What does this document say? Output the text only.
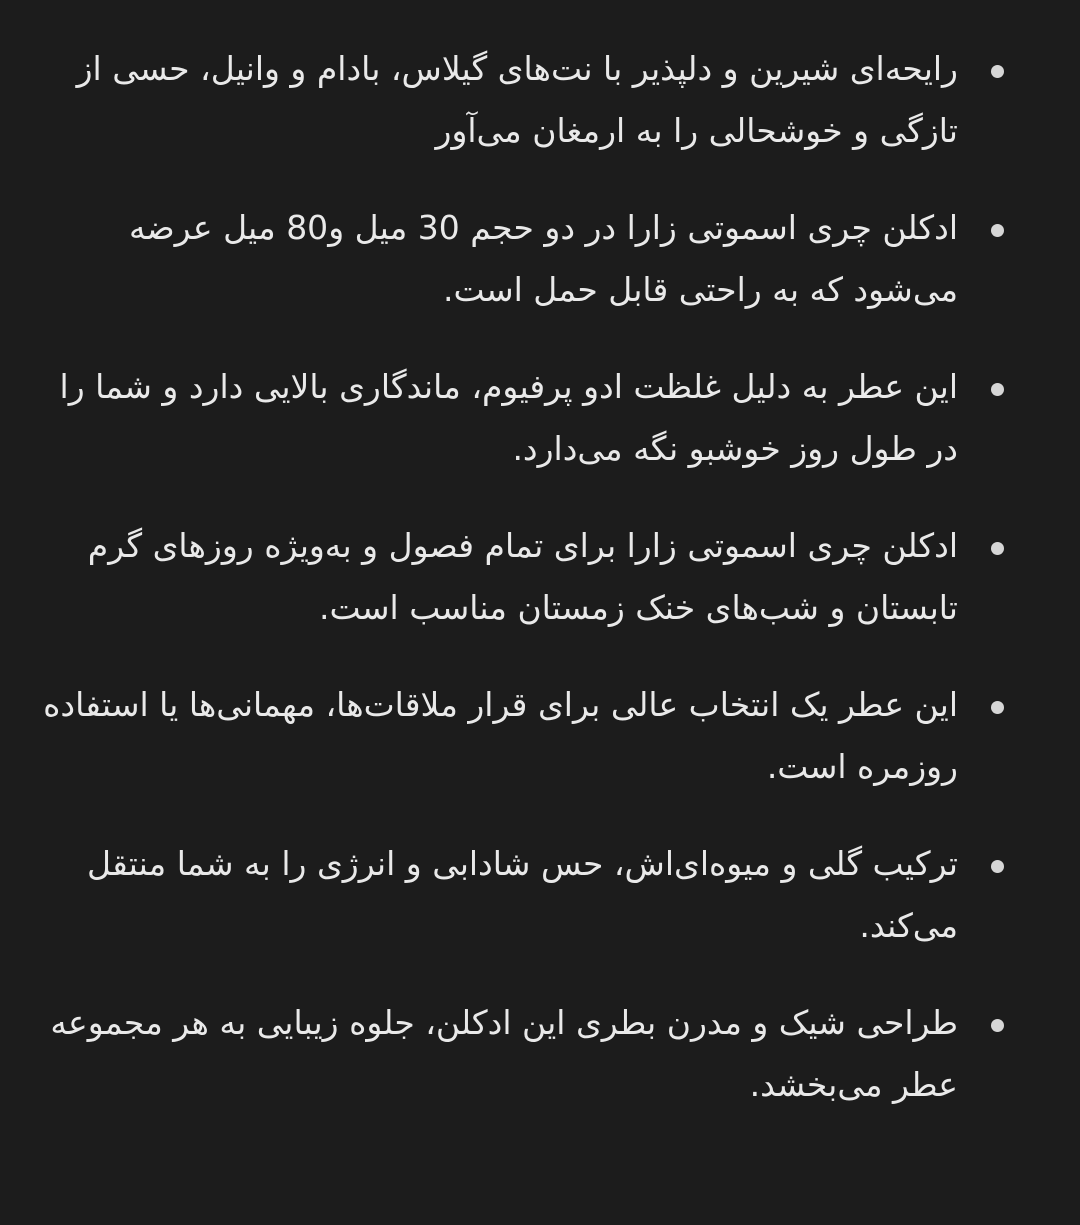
رایحه‌ای شیرین و دلپذیر با نت‌های گیلاس، بادام و وانیل، حسی از تازگی و خوشحالی را به ارمغان می‌آور
ادکلن چری اسموتی زارا در دو حجم 30 میل و80 میل عرضه می‌شود که به راحتی قابل حمل است.
این عطر به دلیل غلظت ادو پرفیوم، ماندگاری بالایی دارد و شما را در طول روز خوشبو نگه می‌دارد.
ادکلن چری اسموتی زارا برای تمام فصول و به‌ویژه روزهای گرم تابستان و شب‌های خنک زمستان مناسب است.
این عطر یک انتخاب عالی برای قرار ملاقات‌ها، مهمانی‌ها یا استفاده روزمره است.
ترکیب گلی و میوه‌ای‌اش، حس شادابی و انرژی را به شما منتقل می‌کند.
طراحی شیک و مدرن بطری این ادکلن، جلوه زیبایی به هر مجموعه عطر می‌بخشد.
